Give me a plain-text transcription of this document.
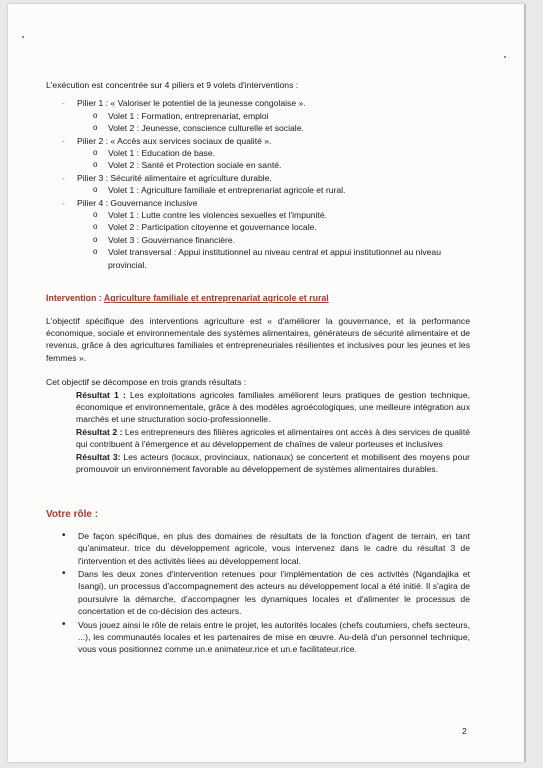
L'exécution est concentrée sur 4 piliers et 9 volets d'interventions :

- Pilier 1 : « Valoriser le potentiel de la jeunesse congolaise ».
o Volet 1 : Formation, entreprenariat, emploi
o Volet 2 : Jeunesse, conscience culturelle et sociale.
- Pilier 2 : « Accès aux services sociaux de qualité ».
o Volet 1 : Education de base.
o Volet 2 : Santé et Protection sociale en santé.
- Pilier 3 : Sécurité alimentaire et agriculture durable.
o Volet 1 : Agriculture familiale et entreprenariat agricole et rural.
- Pilier 4 : Gouvernance inclusive
o Volet 1 : Lutte contre les violences sexuelles et l'impunité.
o Volet 2 : Participation citoyenne et gouvernance locale.
o Volet 3 : Gouvernance financière.
o Volet transversal : Appui institutionnel au niveau central et appui institutionnel au niveau provincial.

Intervention : Agriculture familiale et entreprenariat agricole et rural

L'objectif spécifique des interventions agriculture est « d'améliorer la gouvernance, et la performance économique, sociale et environnementale des systèmes alimentaires, générateurs de sécurité alimentaire et de revenus, grâce à des agricultures familiales et entrepreneuriales résilientes et inclusives pour les jeunes et les femmes ».

Cet objectif se décompose en trois grands résultats :

Résultat 1 : Les exploitations agricoles familiales améliorent leurs pratiques de gestion technique, économique et environnementale, grâce à des modèles agroécologiques, une meilleure intégration aux marchés et une structuration socio-professionnelle.

Résultat 2 : Les entrepreneurs des filières agricoles et alimentaires ont accès à des services de qualité qui contribuent à l'émergence et au développement de chaînes de valeur porteuses et inclusives

Résultat 3: Les acteurs (locaux, provinciaux, nationaux) se concertent et mobilisent des moyens pour promouvoir un environnement favorable au développement de systèmes alimentaires durables.

Votre rôle :

• De façon spécifique, en plus des domaines de résultats de la fonction d'agent de terrain, en tant qu'animateur. trice du développement agricole, vous intervenez dans le cadre du résultat 3 de l'intervention et des activités liées au développement local.
• Dans les deux zones d'intervention retenues pour l'implémentation de ces activités (Ngandajika et Isangi), un processus d'accompagnement des acteurs au développement local a été initié. Il s'agira de poursuivre la démarche, d'accompagner les dynamiques locales et d'alimenter le processus de concertation et de co-décision des acteurs.
• Vous jouez ainsi le rôle de relais entre le projet, les autorités locales (chefs coutumiers, chefs secteurs, ...), les communautés locales et les partenaires de mise en œuvre. Au-delà d'un personnel technique, vous vous positionnez comme un.e animateur.rice et un.e facilitateur.rice.
2
